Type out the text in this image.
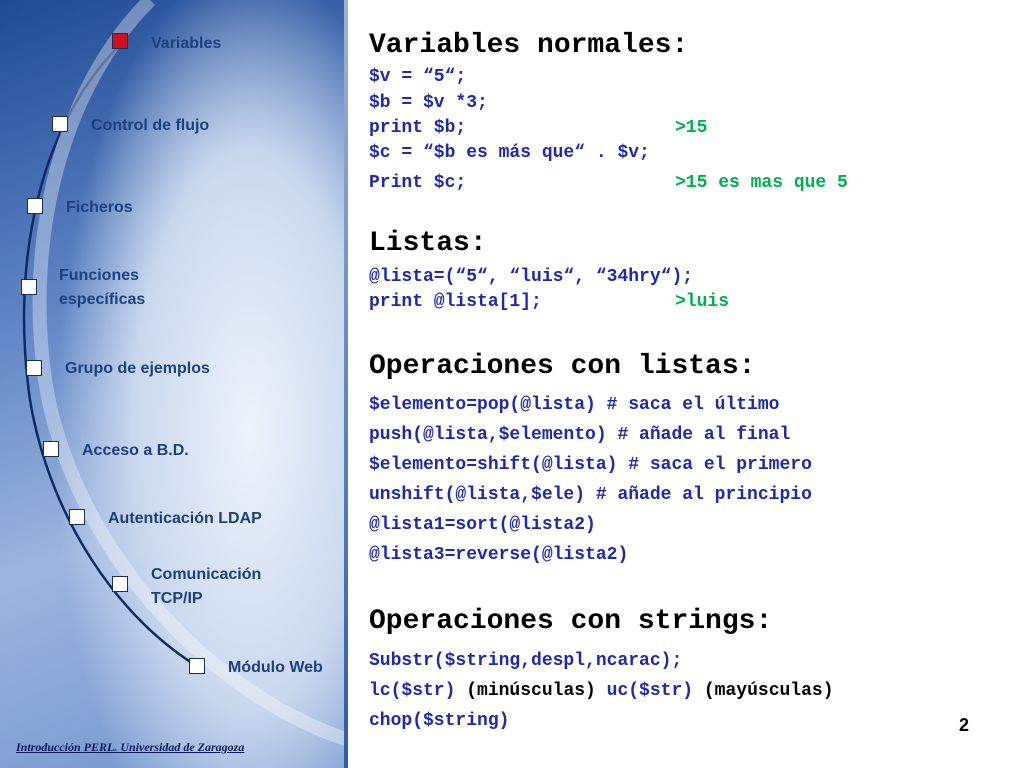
Variables
Control de flujo
Ficheros
Funciones
específicas
Grupo de ejemplos
Acceso a B.D.
Autenticación LDAP
Comunicación
TCP/IP
Módulo Web
Introducción PERL. Universidad de Zaragoza
Variables normales:
$v = “5“;
$b = $v *3;
print $b;	>15
$c = “$b es más que“ . $v;
Print $c;	>15 es mas que 5
Listas:
@lista=(“5“, “luis“, “34hry“);
print @lista[1];	>luis
Operaciones con listas:
$elemento=pop(@lista) # saca el último
push(@lista,$elemento) # añade al final
$elemento=shift(@lista) # saca el primero
unshift(@lista,$ele) # añade al principio
@lista1=sort(@lista2)
@lista3=reverse(@lista2)
Operaciones con strings:
Substr($string,despl,ncarac);
lc($str) (minúsculas) uc($str) (mayúsculas)
chop($string)	2
